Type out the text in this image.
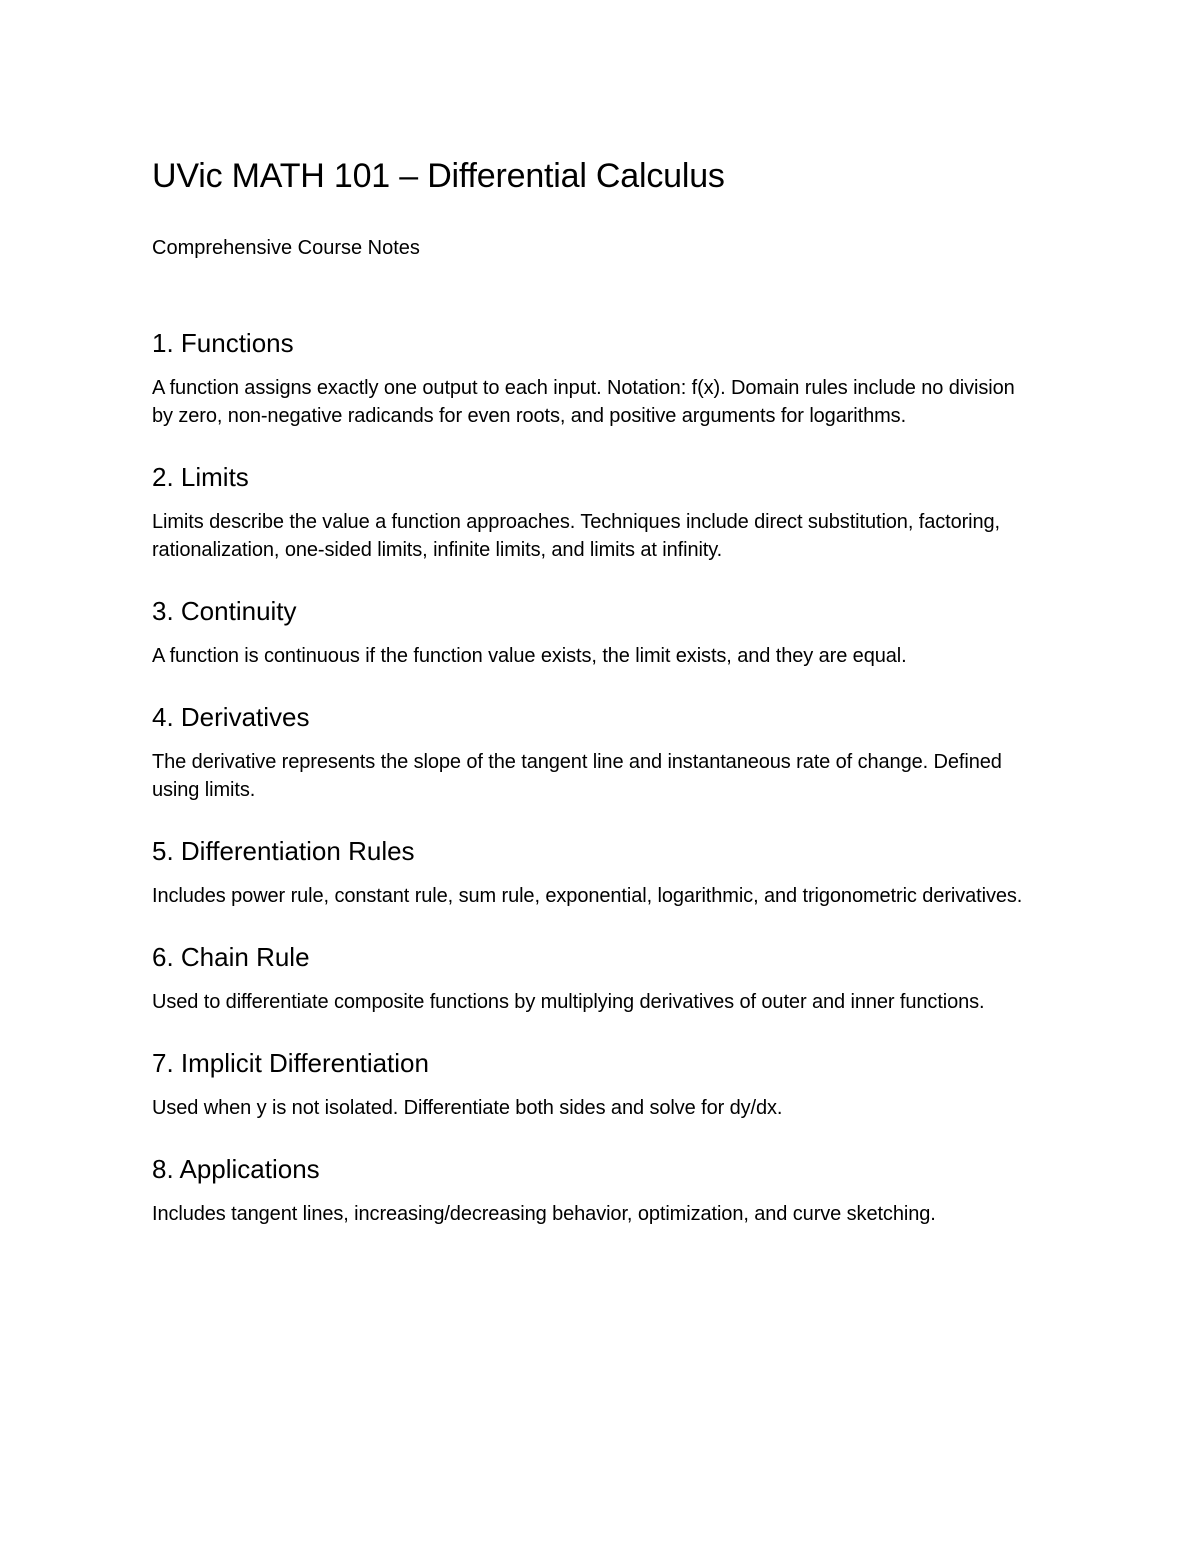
UVic MATH 101 – Differential Calculus

Comprehensive Course Notes

1. Functions

A function assigns exactly one output to each input. Notation: f(x). Domain rules include no division by zero, non-negative radicands for even roots, and positive arguments for logarithms.

2. Limits

Limits describe the value a function approaches. Techniques include direct substitution, factoring, rationalization, one-sided limits, infinite limits, and limits at infinity.

3. Continuity

A function is continuous if the function value exists, the limit exists, and they are equal.

4. Derivatives

The derivative represents the slope of the tangent line and instantaneous rate of change. Defined using limits.

5. Differentiation Rules

Includes power rule, constant rule, sum rule, exponential, logarithmic, and trigonometric derivatives.

6. Chain Rule

Used to differentiate composite functions by multiplying derivatives of outer and inner functions.

7. Implicit Differentiation

Used when y is not isolated. Differentiate both sides and solve for dy/dx.

8. Applications

Includes tangent lines, increasing/decreasing behavior, optimization, and curve sketching.
